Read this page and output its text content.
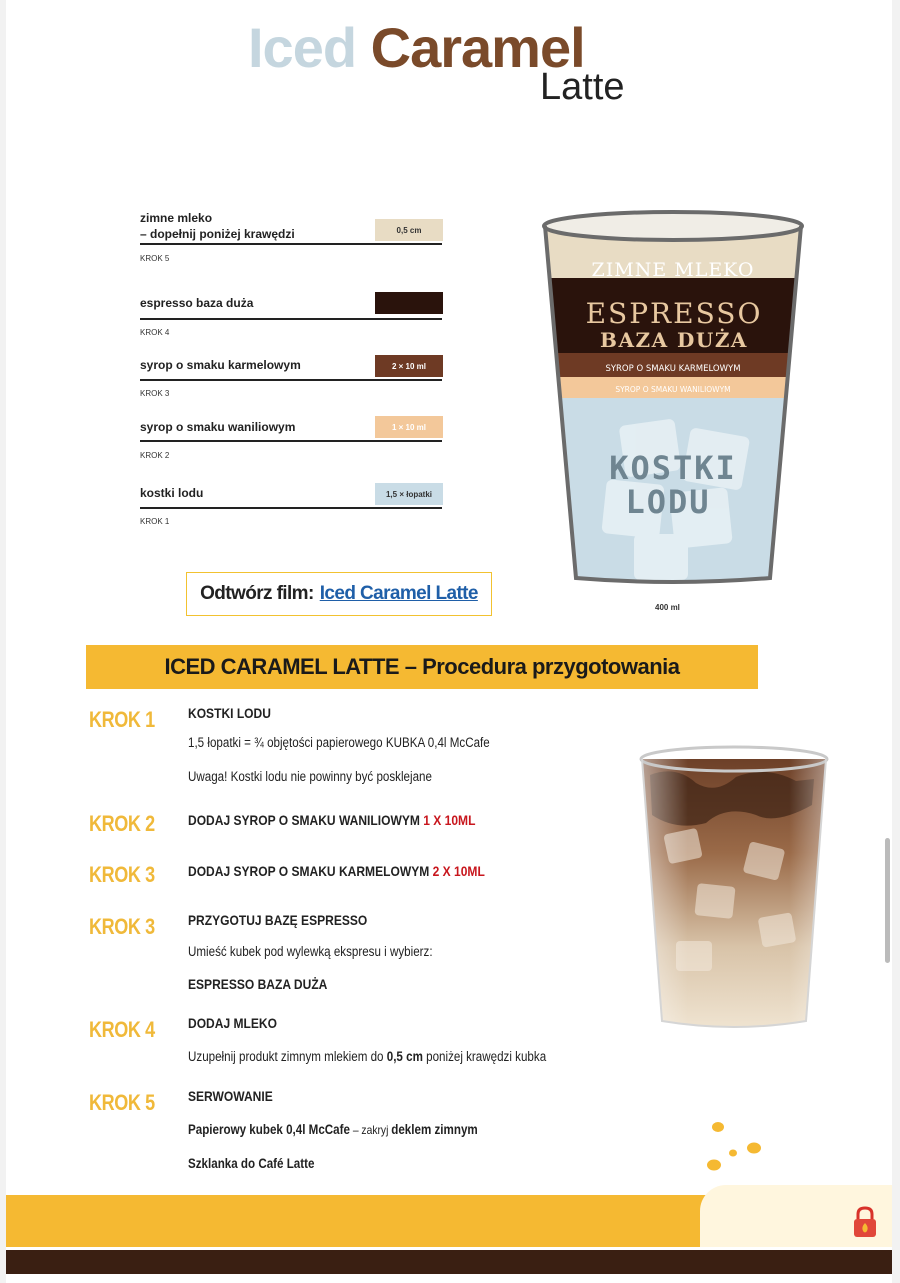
Iced Caramel
Latte
zimne mleko
– dopełnij poniżej krawędzi
KROK 5
0,5 cm
espresso baza duża
KROK 4
syrop o smaku karmelowym
KROK 3
2 × 10 ml
syrop o smaku waniliowym
KROK 2
1 × 10 ml
kostki lodu
KROK 1
1,5 × łopatki
ZIMNE MLEKO
ESPRESSO
BAZA DUŻA
SYROP O SMAKU KARMELOWYM
SYROP O SMAKU WANILIOWYM
KOSTKI
LODU
400 ml
Odtwórz film : Iced Caramel Latte
ICED CARAMEL LATTE – Procedura przygotowania
KROK 1 KOSTKI LODU
1,5 łopatki = ¾ objętości papierowego KUBKA 0,4l McCafe
Uwaga! Kostki lodu nie powinny być posklejane
KROK 2 DODAJ SYROP O SMAKU WANILIOWYM 1 X 10ML
KROK 3 DODAJ SYROP O SMAKU KARMELOWYM 2 X 10ML
KROK 3 PRZYGOTUJ BAZĘ ESPRESSO
Umieść kubek pod wylewką ekspresu i wybierz:
ESPRESSO BAZA DUŻA
KROK 4 DODAJ MLEKO
Uzupełnij produkt zimnym mlekiem do 0,5 cm poniżej krawędzi kubka
KROK 5 SERWOWANIE
Papierowy kubek 0,4l McCafe – zakryj deklem zimnym
Szklanka do Café Latte
